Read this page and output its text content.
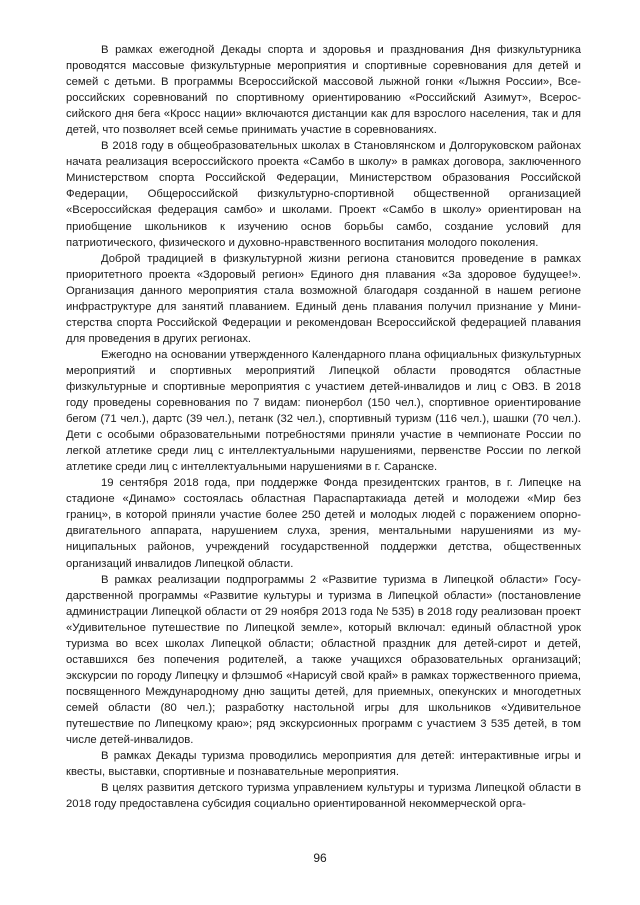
В рамках ежегодной Декады спорта и здоровья и празднования Дня физкультурника проводятся массовые физкультурные мероприятия и спортивные соревнования для детей и семей с детьми. В программы Всероссийской массовой лыжной гонки «Лыжня России», Всероссийских соревнований по спортивному ориентированию «Российский Азимут», Всероссийского дня бега «Кросс нации» включаются дистанции как для взрослого населения, так и для детей, что позволяет всей семье принимать участие в соревнованиях.

В 2018 году в общеобразовательных школах в Становлянском и Долгоруковском районах начата реализация всероссийского проекта «Самбо в школу» в рамках договора, заключенного Министерством спорта Российской Федерации, Министерством образования Российской Федерации, Общероссийской физкультурно-спортивной общественной организацией «Всероссийская федерация самбо» и школами. Проект «Самбо в школу» ориентирован на приобщение школьников к изучению основ борьбы самбо, создание условий для патриотического, физического и духовно-нравственного воспитания молодого поколения.

Доброй традицией в физкультурной жизни региона становится проведение в рамках приоритетного проекта «Здоровый регион» Единого дня плавания «За здоровое будущее!». Организация данного мероприятия стала возможной благодаря созданной в нашем регионе инфраструктуре для занятий плаванием. Единый день плавания получил признание у Министерства спорта Российской Федерации и рекомендован Всероссийской федерацией плавания для проведения в других регионах.

Ежегодно на основании утвержденного Календарного плана официальных физкультурных мероприятий и спортивных мероприятий Липецкой области проводятся областные физкультурные и спортивные мероприятия с участием детей-инвалидов и лиц с ОВЗ. В 2018 году проведены соревнования по 7 видам: пионербол (150 чел.), спортивное ориентирование бегом (71 чел.), дартс (39 чел.), петанк (32 чел.), спортивный туризм (116 чел.), шашки (70 чел.). Дети с особыми образовательными потребностями приняли участие в чемпионате России по легкой атлетике среди лиц с интеллектуальными нарушениями, первенстве России по легкой атлетике среди лиц с интеллектуальными нарушениями в г. Саранске.

19 сентября 2018 года, при поддержке Фонда президентских грантов, в г. Липецке на стадионе «Динамо» состоялась областная Параспартакиада детей и молодежи «Мир без границ», в которой приняли участие более 250 детей и молодых людей с поражением опорно-двигательного аппарата, нарушением слуха, зрения, ментальными нарушениями из муниципальных районов, учреждений государственной поддержки детства, общественных организаций инвалидов Липецкой области.

В рамках реализации подпрограммы 2 «Развитие туризма в Липецкой области» Государственной программы «Развитие культуры и туризма в Липецкой области» (постановление администрации Липецкой области от 29 ноября 2013 года № 535) в 2018 году реализован проект «Удивительное путешествие по Липецкой земле», который включал: единый областной урок туризма во всех школах Липецкой области; областной праздник для детей-сирот и детей, оставшихся без попечения родителей, а также учащихся образовательных организаций; экскурсии по городу Липецку и флэшмоб «Нарисуй свой край» в рамках торжественного приема, посвященного Международному дню защиты детей, для приемных, опекунских и многодетных семей области (80 чел.); разработку настольной игры для школьников «Удивительное путешествие по Липецкому краю»; ряд экскурсионных программ с участием 3 535 детей, в том числе детей-инвалидов.

В рамках Декады туризма проводились мероприятия для детей: интерактивные игры и квесты, выставки, спортивные и познавательные мероприятия.

В целях развития детского туризма управлением культуры и туризма Липецкой области в 2018 году предоставлена субсидия социально ориентированной некоммерческой орга-

96
